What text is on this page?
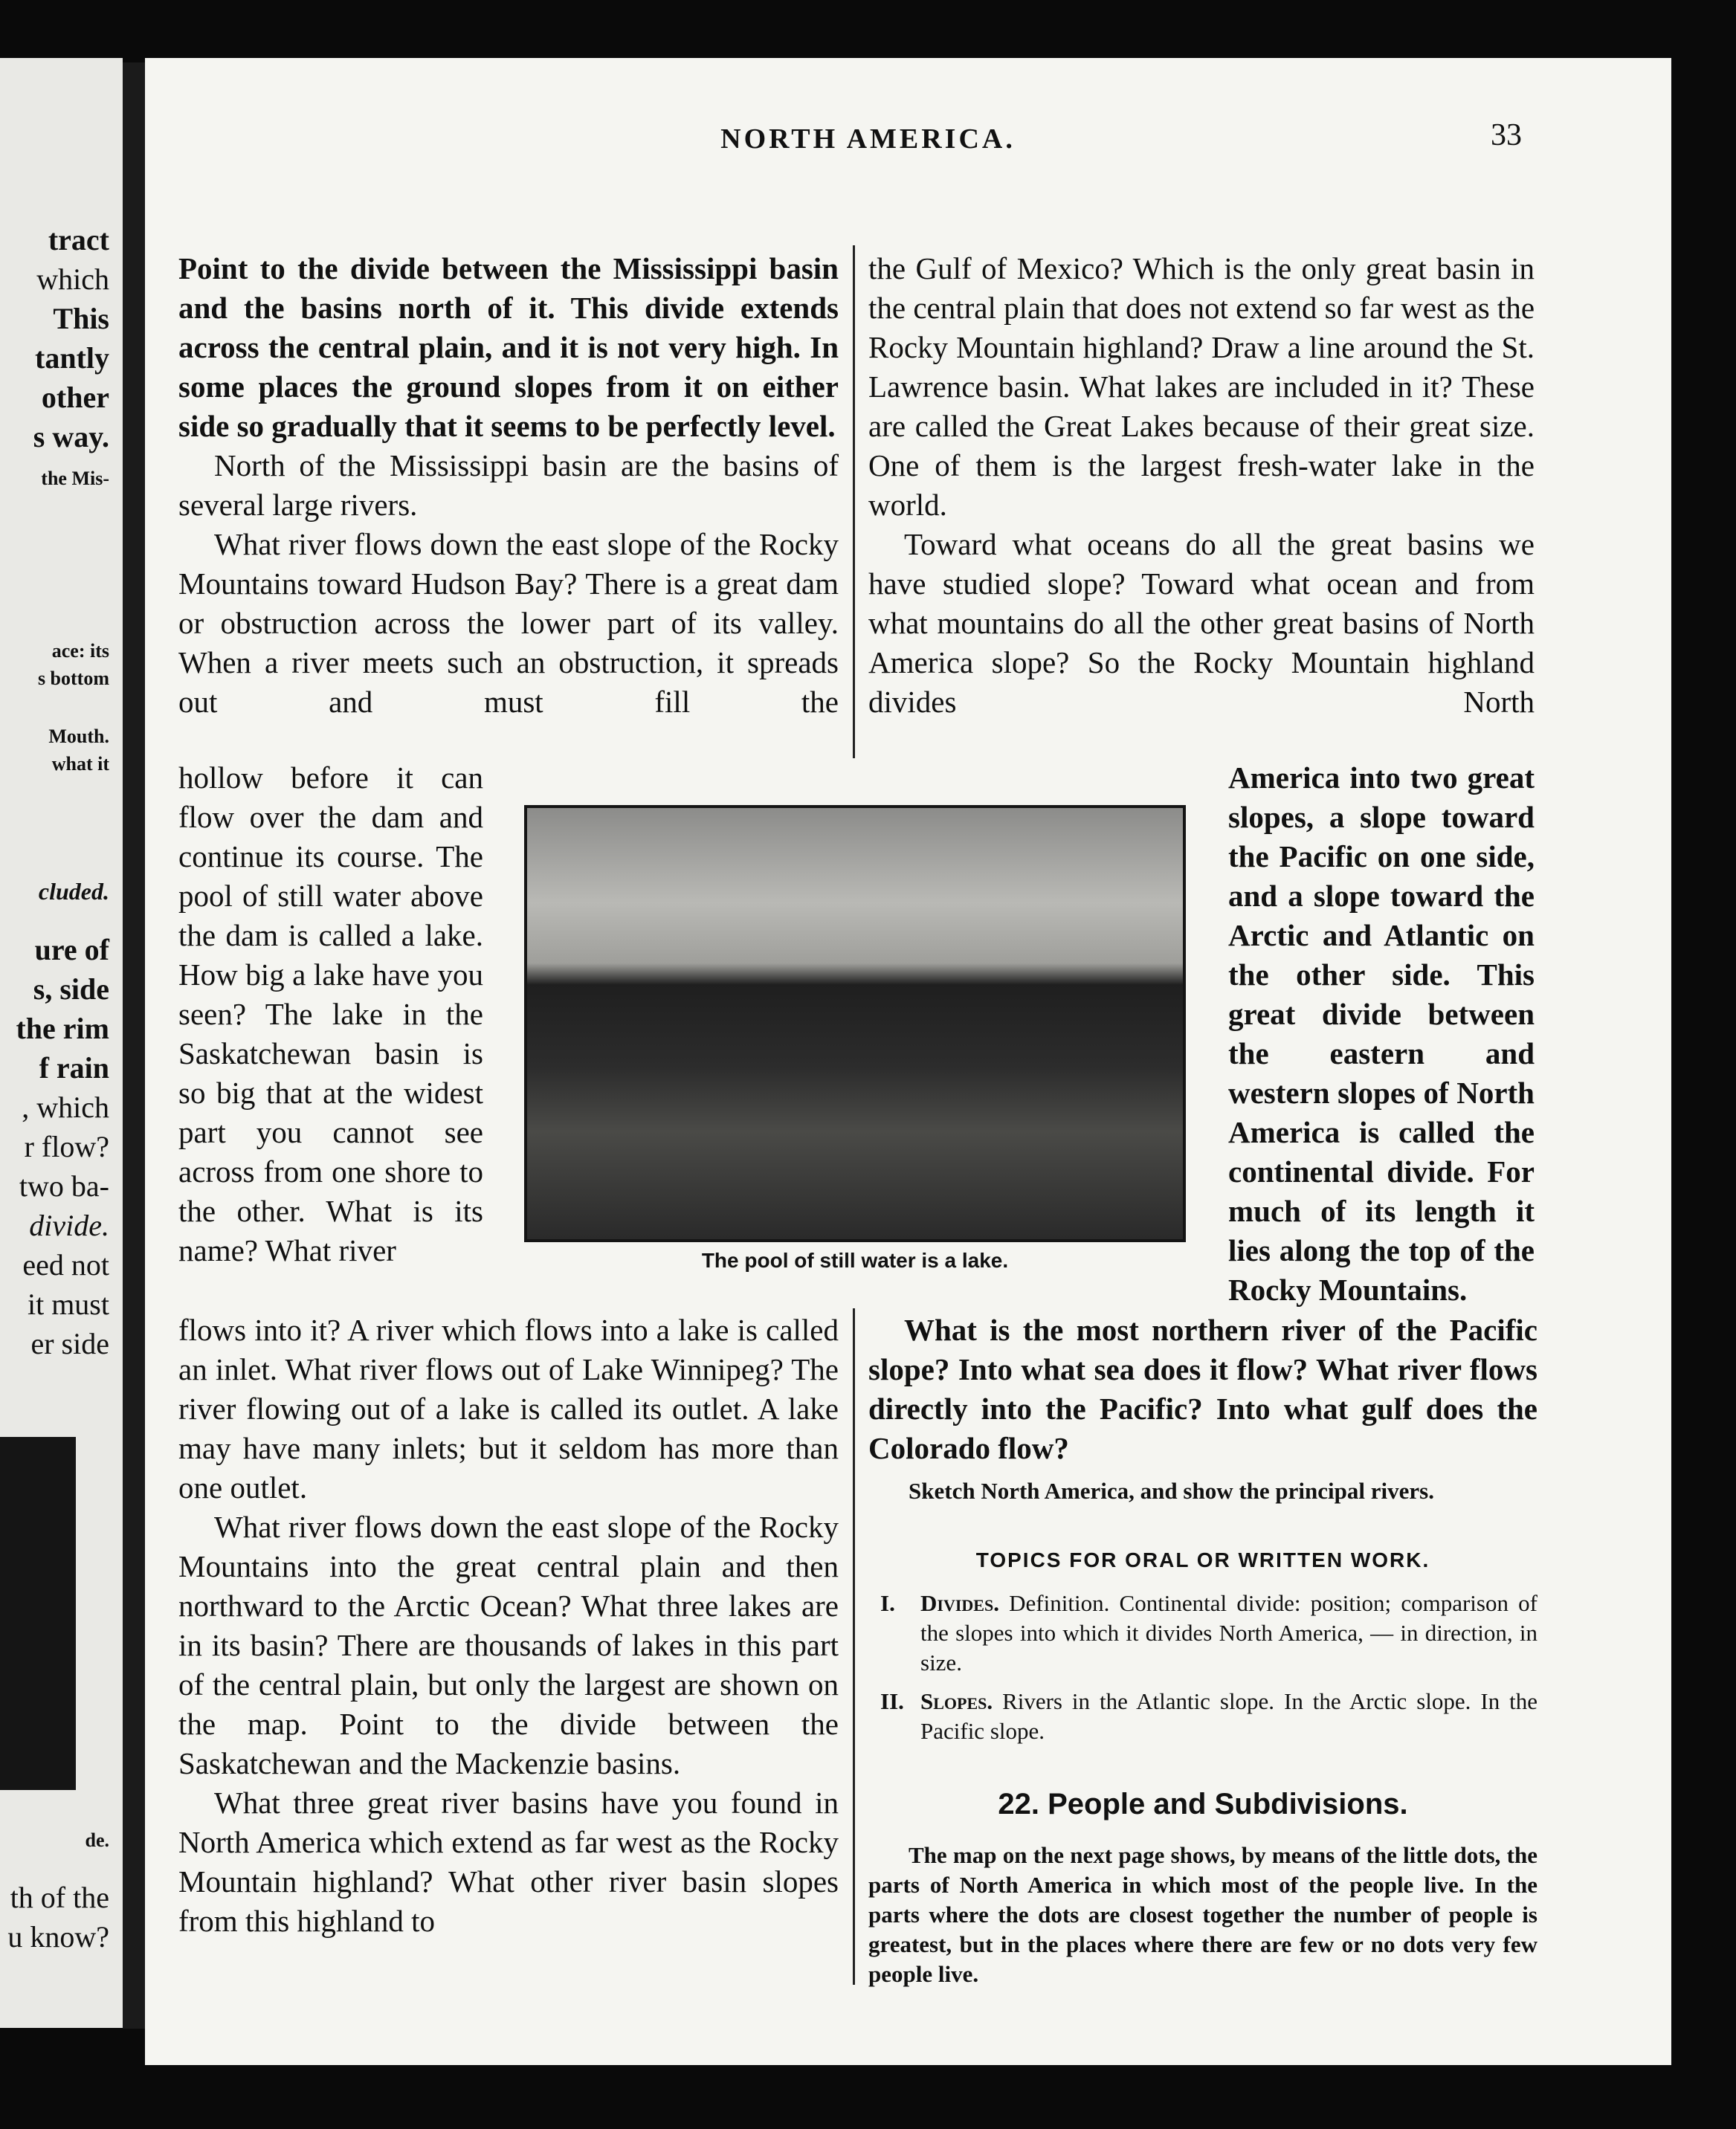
tract
which
This
tantly
other
s way.
the Mis-
ace: its
s bottom
Mouth.
what it
cluded.
ure of
s, side
the rim
f rain
, which
r flow?
two ba-
divide.
eed not
it must
er side
de.
th of the
u know?
NORTH AMERICA.	33

Point to the divide between the Mississippi basin and the basins north of it. This divide extends across the central plain, and it is not very high. In some places the ground slopes from it on either side so gradually that it seems to be perfectly level.

North of the Mississippi basin are the basins of several large rivers.

What river flows down the east slope of the Rocky Mountains toward Hudson Bay? There is a great dam or obstruction across the lower part of its valley. When a river meets such an obstruction, it spreads out and must fill the

the Gulf of Mexico? Which is the only great basin in the central plain that does not extend so far west as the Rocky Mountain highland? Draw a line around the St. Lawrence basin. What lakes are included in it? These are called the Great Lakes because of their great size. One of them is the largest fresh-water lake in the world.

Toward what oceans do all the great basins we have studied slope? Toward what ocean and from what mountains do all the other great basins of North America slope? So the Rocky Mountain highland divides North

hollow before it can flow over the dam and continue its course. The pool of still water above the dam is called a lake. How big a lake have you seen? The lake in the Saskatchewan basin is so big that at the widest part you cannot see across from one shore to the other. What is its name? What river	The pool of still water is a lake.

America into two great slopes, a slope toward the Pacific on one side, and a slope toward the Arctic and Atlantic on the other side. This great divide between the eastern and western slopes of North America is called the continental divide. For much of its length it lies along the top of the Rocky Mountains.

flows into it? A river which flows into a lake is called an inlet. What river flows out of Lake Winnipeg? The river flowing out of a lake is called its outlet. A lake may have many inlets; but it seldom has more than one outlet.

What river flows down the east slope of the Rocky Mountains into the great central plain and then northward to the Arctic Ocean? What three lakes are in its basin? There are thousands of lakes in this part of the central plain, but only the largest are shown on the map. Point to the divide between the Saskatchewan and the Mackenzie basins.

What three great river basins have you found in North America which extend as far west as the Rocky Mountain highland? What other river basin slopes from this highland to

What is the most northern river of the Pacific slope? Into what sea does it flow? What river flows directly into the Pacific? Into what gulf does the Colorado flow?

Sketch North America, and show the principal rivers.

TOPICS FOR ORAL OR WRITTEN WORK.

I. Divides. Definition. Continental divide: position; comparison of the slopes into which it divides North America, — in direction, in size.

II. Slopes. Rivers in the Atlantic slope. In the Arctic slope. In the Pacific slope.

22. People and Subdivisions.

The map on the next page shows, by means of the little dots, the parts of North America in which most of the people live. In the parts where the dots are closest together the number of people is greatest, but in the places where there are few or no dots very few people live.
